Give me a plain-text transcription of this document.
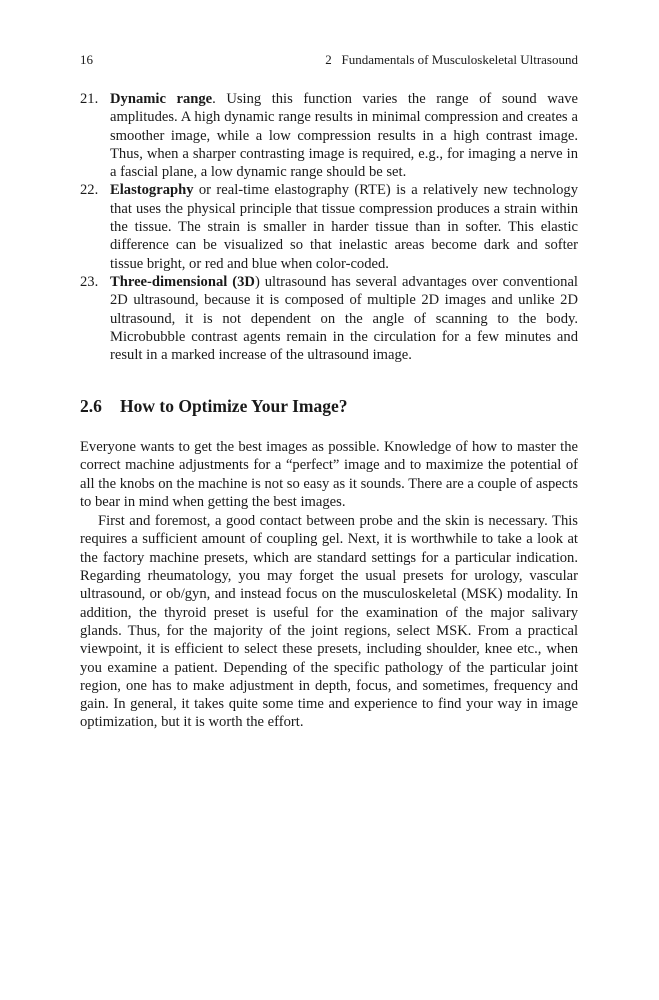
16	2   Fundamentals of Musculoskeletal Ultrasound
21. Dynamic range. Using this function varies the range of sound wave amplitudes. A high dynamic range results in minimal compression and creates a smoother image, while a low compression results in a high contrast image. Thus, when a sharper contrasting image is required, e.g., for imaging a nerve in a fascial plane, a low dynamic range should be set.
22. Elastography or real-time elastography (RTE) is a relatively new technology that uses the physical principle that tissue compression produces a strain within the tissue. The strain is smaller in harder tissue than in softer. This elastic difference can be visualized so that inelastic areas become dark and softer tissue bright, or red and blue when color-coded.
23. Three-dimensional (3D) ultrasound has several advantages over conventional 2D ultrasound, because it is composed of multiple 2D images and unlike 2D ultrasound, it is not dependent on the angle of scanning to the body. Microbubble contrast agents remain in the circulation for a few minutes and result in a marked increase of the ultrasound image.
2.6 How to Optimize Your Image?

Everyone wants to get the best images as possible. Knowledge of how to master the correct machine adjustments for a “perfect” image and to maximize the potential of all the knobs on the machine is not so easy as it sounds. There are a couple of aspects to bear in mind when getting the best images.

First and foremost, a good contact between probe and the skin is necessary. This requires a sufficient amount of coupling gel. Next, it is worthwhile to take a look at the factory machine presets, which are standard settings for a particular indication. Regarding rheumatology, you may forget the usual presets for urology, vascular ultrasound, or ob/gyn, and instead focus on the musculoskeletal (MSK) modality. In addition, the thyroid preset is useful for the examination of the major salivary glands. Thus, for the majority of the joint regions, select MSK. From a practical viewpoint, it is efficient to select these presets, including shoulder, knee etc., when you examine a patient. Depending of the specific pathology of the particular joint region, one has to make adjustment in depth, focus, and sometimes, frequency and gain. In general, it takes quite some time and experience to find your way in image optimization, but it is worth the effort.
